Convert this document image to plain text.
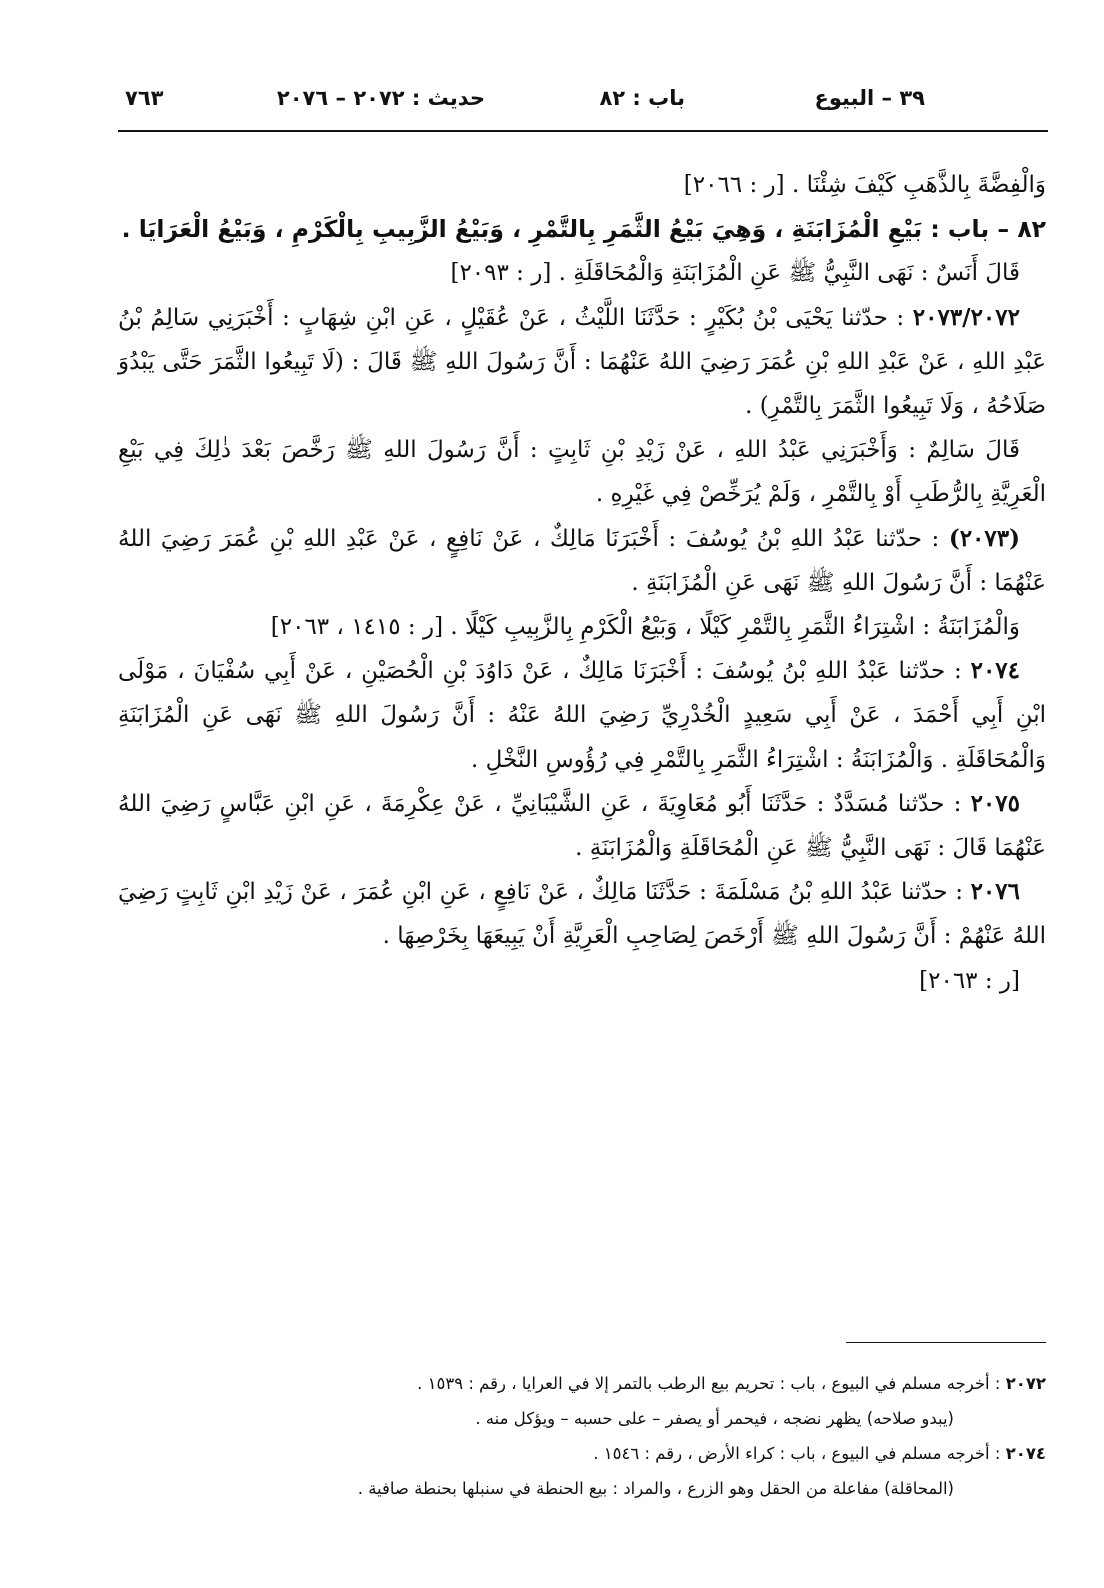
٣٩ – البيوع
باب : ٨٢
حديث : ٢٠٧٢ – ٢٠٧٦
٧٦٣

وَالْفِضَّةَ بِالذَّهَبِ كَيْفَ شِئْنَا . [ر : ٢٠٦٦]

٨٢ – باب : بَيْعِ الْمُزَابَنَةِ ، وَهِيَ بَيْعُ الثَّمَرِ بِالتَّمْرِ ، وَبَيْعُ الزَّبِيبِ بِالْكَرْمِ ، وَبَيْعُ الْعَرَايَا .

قَالَ أَنَسٌ : نَهَى النَّبِيُّ ﷺ عَنِ الْمُزَابَنَةِ وَالْمُحَاقَلَةِ . [ر : ٢٠٩٣]

٢٠٧٣/٢٠٧٢ : حدّثنا يَحْيَى بْنُ بُكَيْرٍ : حَدَّثَنَا اللَّيْثُ ، عَنْ عُقَيْلٍ ، عَنِ ابْنِ شِهَابٍ : أَخْبَرَنِي سَالِمُ بْنُ عَبْدِ اللهِ ، عَنْ عَبْدِ اللهِ بْنِ عُمَرَ رَضِيَ اللهُ عَنْهُمَا : أَنَّ رَسُولَ اللهِ ﷺ قَالَ : (لَا تَبِيعُوا الثَّمَرَ حَتَّى يَبْدُوَ صَلَاحُهُ ، وَلَا تَبِيعُوا الثَّمَرَ بِالتَّمْرِ) .

قَالَ سَالِمٌ : وَأَخْبَرَنِي عَبْدُ اللهِ ، عَنْ زَيْدِ بْنِ ثَابِتٍ : أَنَّ رَسُولَ اللهِ ﷺ رَخَّصَ بَعْدَ ذٰلِكَ فِي بَيْعِ الْعَرِيَّةِ بِالرُّطَبِ أَوْ بِالتَّمْرِ ، وَلَمْ يُرَخِّصْ فِي غَيْرِهِ .

(٢٠٧٣) : حدّثنا عَبْدُ اللهِ بْنُ يُوسُفَ : أَخْبَرَنَا مَالِكٌ ، عَنْ نَافِعٍ ، عَنْ عَبْدِ اللهِ بْنِ عُمَرَ رَضِيَ اللهُ عَنْهُمَا : أَنَّ رَسُولَ اللهِ ﷺ نَهَى عَنِ الْمُزَابَنَةِ .

وَالْمُزَابَنَةُ : اشْتِرَاءُ الثَّمَرِ بِالتَّمْرِ كَيْلًا ، وَبَيْعُ الْكَرْمِ بِالزَّبِيبِ كَيْلًا . [ر : ١٤١٥ ، ٢٠٦٣]

٢٠٧٤ : حدّثنا عَبْدُ اللهِ بْنُ يُوسُفَ : أَخْبَرَنَا مَالِكٌ ، عَنْ دَاوُدَ بْنِ الْحُصَيْنِ ، عَنْ أَبِي سُفْيَانَ ، مَوْلَى ابْنِ أَبِي أَحْمَدَ ، عَنْ أَبِي سَعِيدٍ الْخُدْرِيِّ رَضِيَ اللهُ عَنْهُ : أَنَّ رَسُولَ اللهِ ﷺ نَهَى عَنِ الْمُزَابَنَةِ وَالْمُحَاقَلَةِ . وَالْمُزَابَنَةُ : اشْتِرَاءُ الثَّمَرِ بِالتَّمْرِ فِي رُؤُوسِ النَّخْلِ .

٢٠٧٥ : حدّثنا مُسَدَّدٌ : حَدَّثَنَا أَبُو مُعَاوِيَةَ ، عَنِ الشَّيْبَانِيِّ ، عَنْ عِكْرِمَةَ ، عَنِ ابْنِ عَبَّاسٍ رَضِيَ اللهُ عَنْهُمَا قَالَ : نَهَى النَّبِيُّ ﷺ عَنِ الْمُحَاقَلَةِ وَالْمُزَابَنَةِ .

٢٠٧٦ : حدّثنا عَبْدُ اللهِ بْنُ مَسْلَمَةَ : حَدَّثَنَا مَالِكٌ ، عَنْ نَافِعٍ ، عَنِ ابْنِ عُمَرَ ، عَنْ زَيْدِ ابْنِ ثَابِتٍ رَضِيَ اللهُ عَنْهُمْ : أَنَّ رَسُولَ اللهِ ﷺ أَرْخَصَ لِصَاحِبِ الْعَرِيَّةِ أَنْ يَبِيعَهَا بِخَرْصِهَا .

[ر : ٢٠٦٣]

٢٠٧٢ : أخرجه مسلم في البيوع ، باب : تحريم بيع الرطب بالتمر إلا في العرايا ، رقم : ١٥٣٩ .

(يبدو صلاحه) يظهر نضجه ، فيحمر أو يصفر – على حسبه – ويؤكل منه .

٢٠٧٤ : أخرجه مسلم في البيوع ، باب : كراء الأرض ، رقم : ١٥٤٦ .

(المحاقلة) مفاعلة من الحقل وهو الزرع ، والمراد : بيع الحنطة في سنبلها بحنطة صافية .
